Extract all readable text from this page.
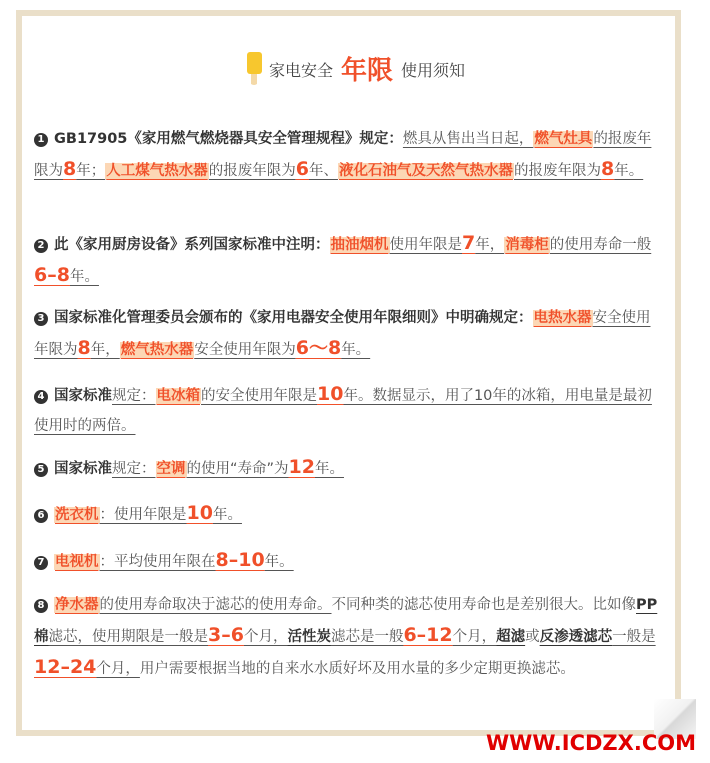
家电安全 年限 使用须知
1 GB17905《家用燃气燃烧器具安全管理规程》规定：燃具从售出当日起，燃气灶具的报废年限为8年；人工煤气热水器的报废年限为6年、液化石油气及天然气热水器的报废年限为8年。
2 此《家用厨房设备》系列国家标准中注明：抽油烟机使用年限是7年，消毒柜的使用寿命一般6–8年。
3 国家标准化管理委员会颁布的《家用电器安全使用年限细则》中明确规定：电热水器安全使用年限为8年，燃气热水器安全使用年限为6～8年。
4 国家标准规定：电冰箱的安全使用年限是10年。数据显示，用了10年的冰箱，用电量是最初使用时的两倍。
5 国家标准规定：空调的使用“寿命”为12年。
6 洗衣机：使用年限是10年。
7 电视机：平均使用年限在8–10年。
8 净水器的使用寿命取决于滤芯的使用寿命。不同种类的滤芯使用寿命也是差别很大。比如像PP棉滤芯，使用期限是一般是3–6个月，活性炭滤芯是一般6–12个月，超滤或反渗透滤芯一般是12–24个月，用户需要根据当地的自来水水质好坏及用水量的多少定期更换滤芯。
WWW.ICDZX.COM
